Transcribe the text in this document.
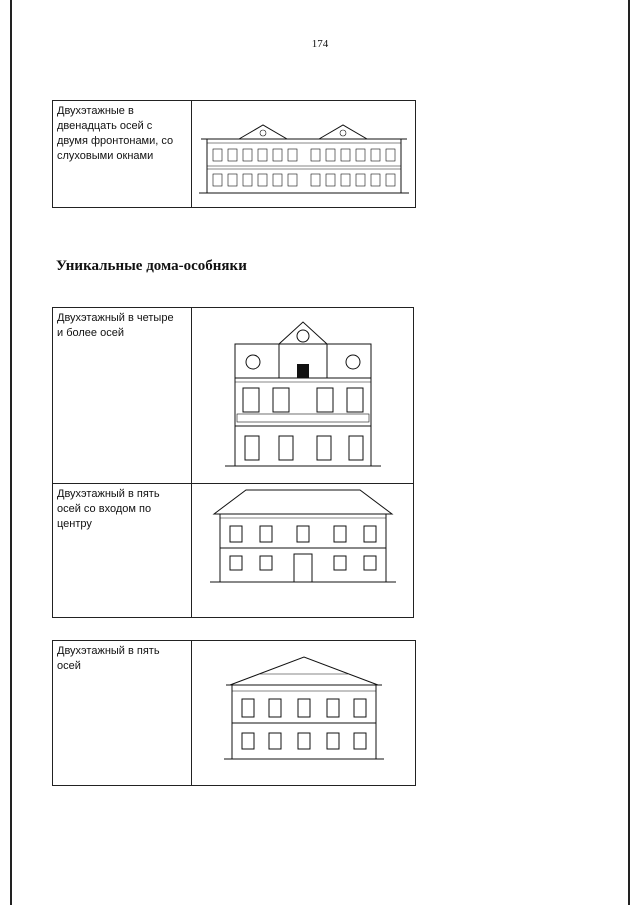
174
Двухэтажные в
двенадцать осей с
двумя фронтонами, со
слуховыми окнами

Уникальные дома-особняки
Двухэтажный в четыре
и более осей

Двухэтажный в пять
осей со входом по
центру

Двухэтажный в пять
осей
